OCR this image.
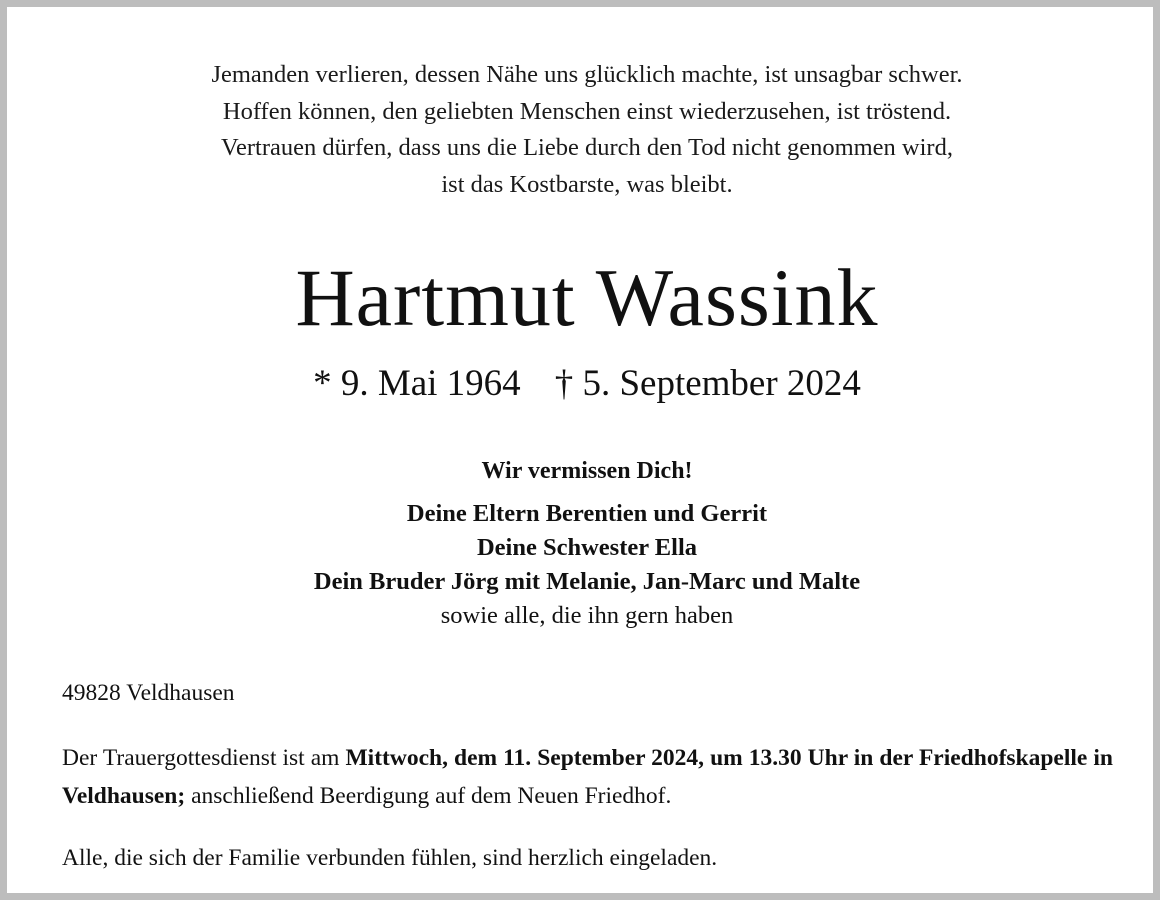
Jemanden verlieren, dessen Nähe uns glücklich machte, ist unsagbar schwer.
Hoffen können, den geliebten Menschen einst wiederzusehen, ist tröstend.
Vertrauen dürfen, dass uns die Liebe durch den Tod nicht genommen wird,
ist das Kostbarste, was bleibt.
Hartmut Wassink
* 9. Mai 1964 † 5. September 2024
Wir vermissen Dich!
Deine Eltern Berentien und Gerrit
Deine Schwester Ella
Dein Bruder Jörg mit Melanie, Jan-Marc und Malte
sowie alle, die ihn gern haben
49828 Veldhausen
Der Trauergottesdienst ist am Mittwoch, dem 11. September 2024, um 13.30 Uhr in der Friedhofskapelle in Veldhausen; anschließend Beerdigung auf dem Neuen Friedhof.
Alle, die sich der Familie verbunden fühlen, sind herzlich eingeladen.
